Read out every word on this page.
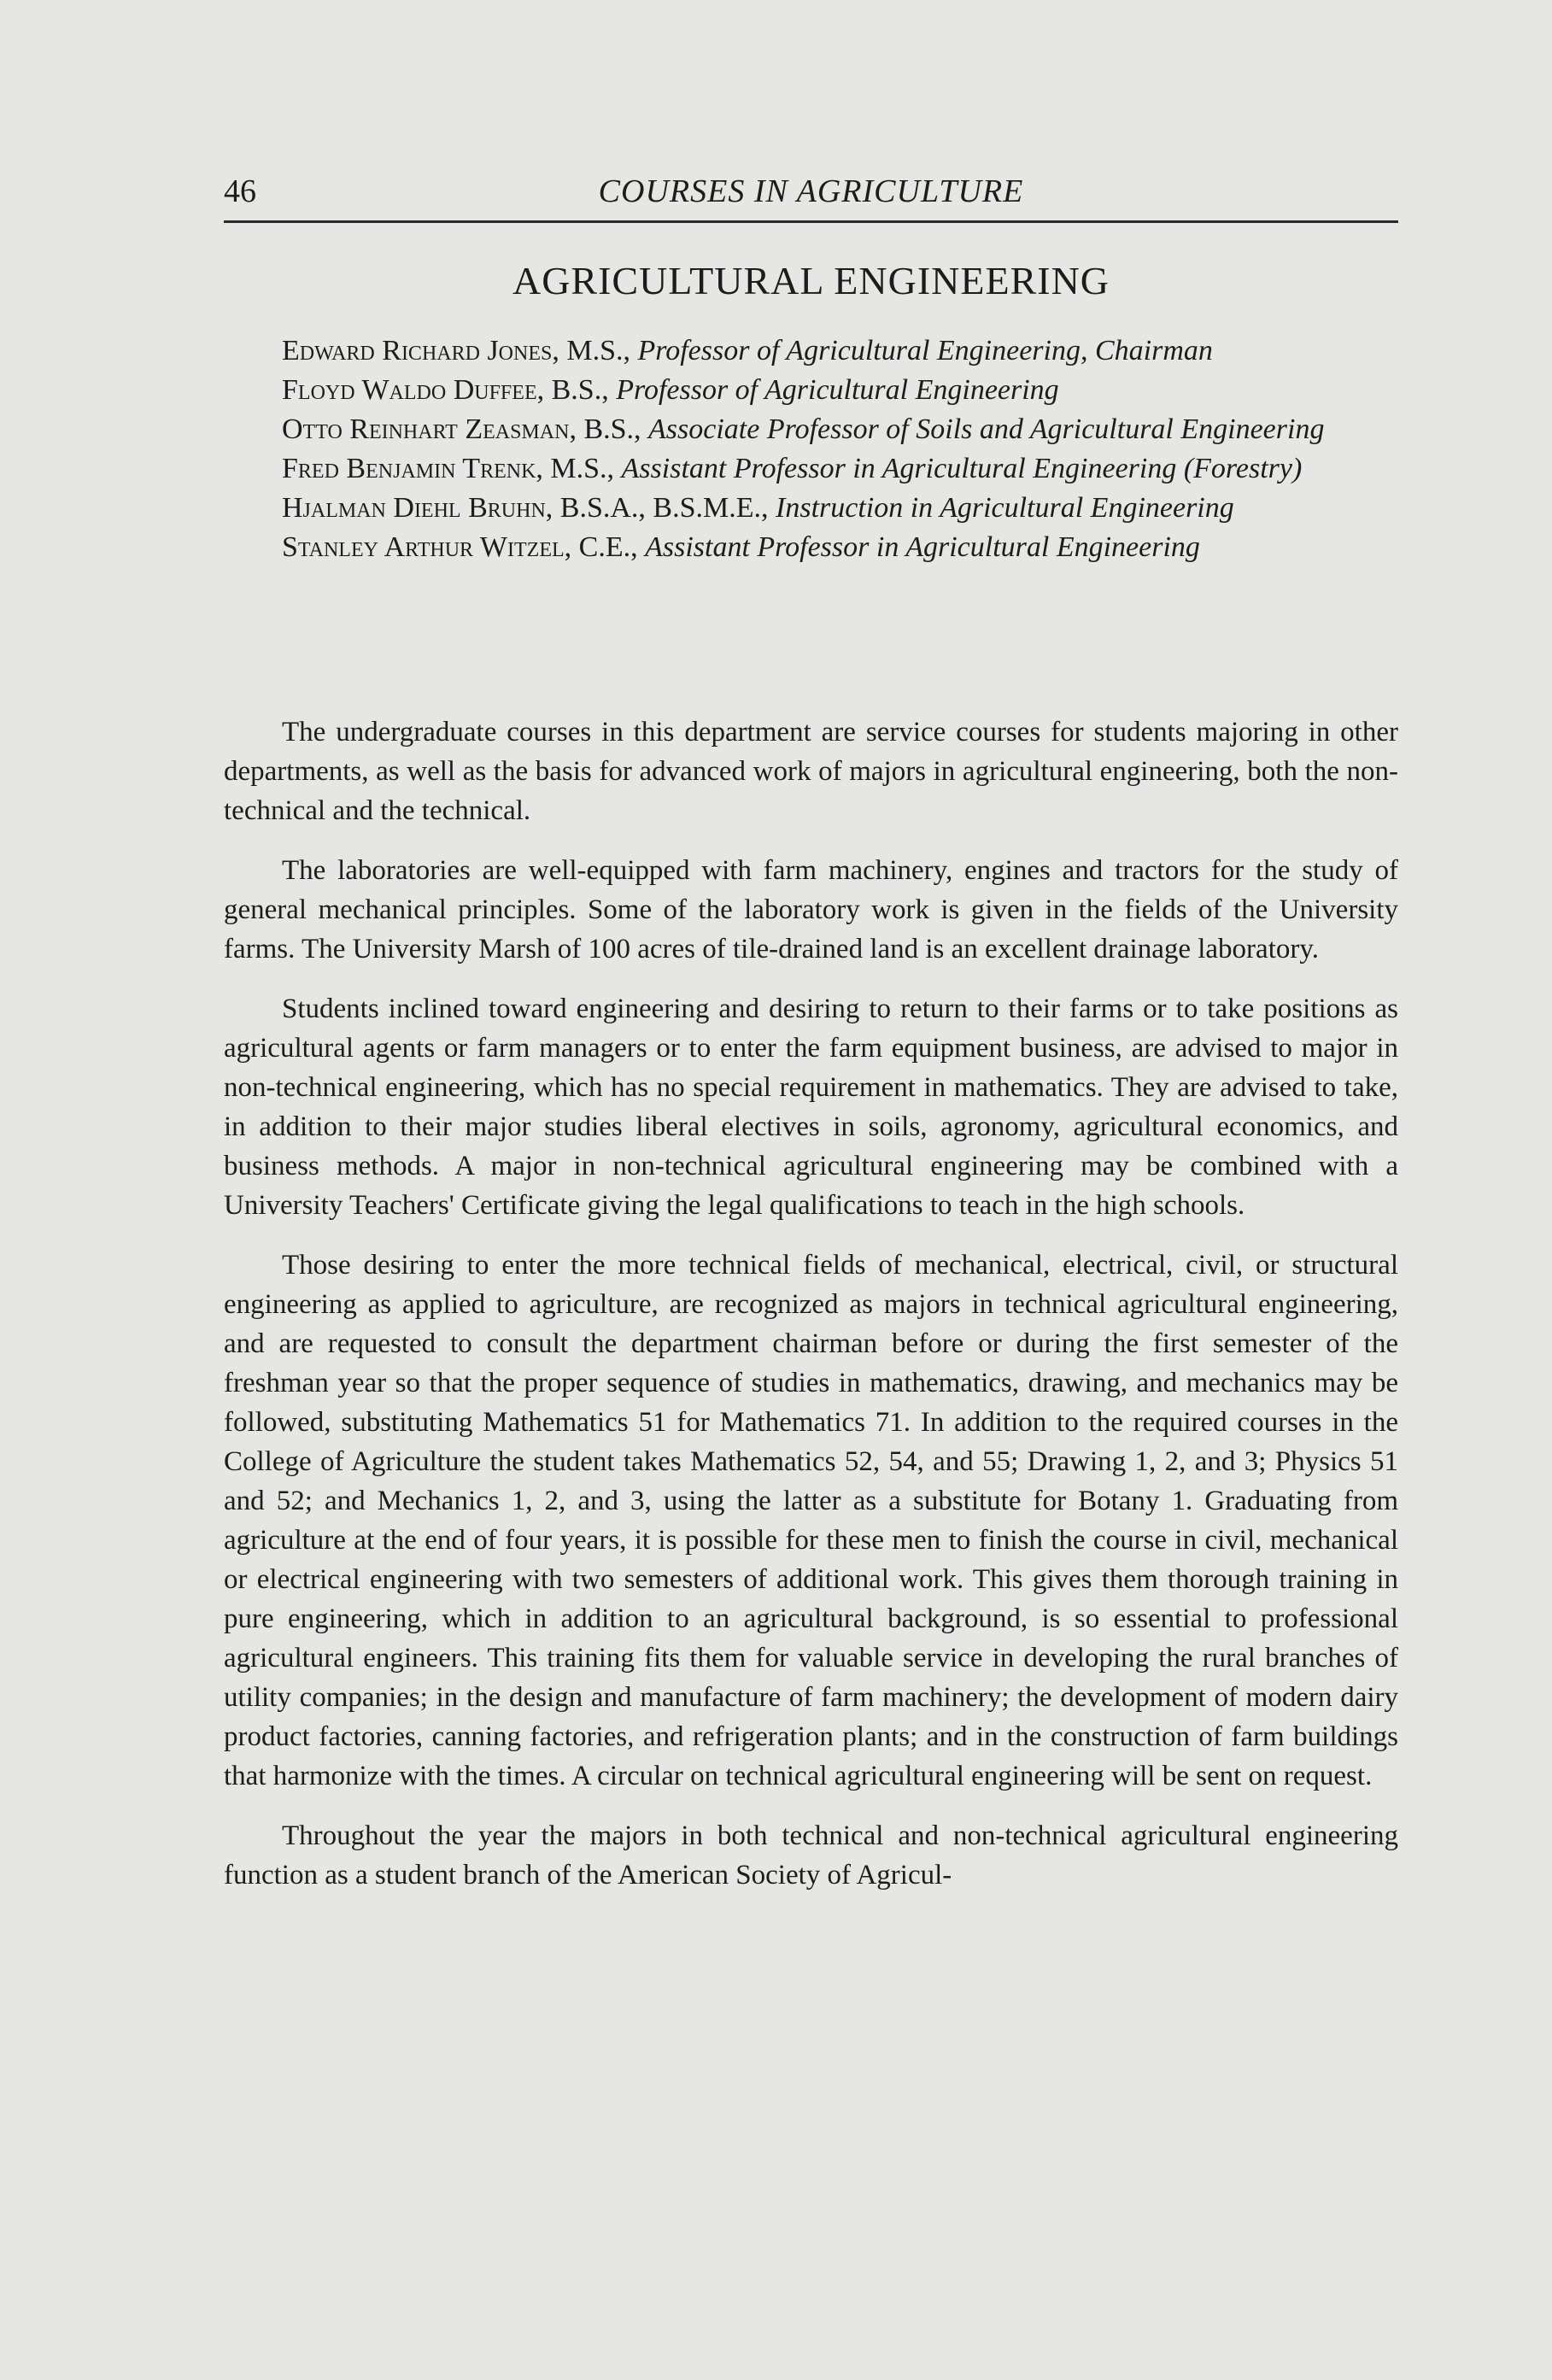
46	COURSES IN AGRICULTURE
AGRICULTURAL ENGINEERING

Edward Richard Jones, M.S., Professor of Agricultural Engineering, Chairman

Floyd Waldo Duffee, B.S., Professor of Agricultural Engineering

Otto Reinhart Zeasman, B.S., Associate Professor of Soils and Agricultural Engineering

Fred Benjamin Trenk, M.S., Assistant Professor in Agricultural Engineering (Forestry)

Hjalman Diehl Bruhn, B.S.A., B.S.M.E., Instruction in Agricultural Engineering

Stanley Arthur Witzel, C.E., Assistant Professor in Agricultural Engineering

The undergraduate courses in this department are service courses for students majoring in other departments, as well as the basis for advanced work of majors in agricultural engineering, both the non-technical and the technical.

The laboratories are well-equipped with farm machinery, engines and tractors for the study of general mechanical principles. Some of the laboratory work is given in the fields of the University farms. The University Marsh of 100 acres of tile-drained land is an excellent drainage laboratory.

Students inclined toward engineering and desiring to return to their farms or to take positions as agricultural agents or farm managers or to enter the farm equipment business, are advised to major in non-technical engineering, which has no special requirement in mathematics. They are advised to take, in addition to their major studies liberal electives in soils, agronomy, agricultural economics, and business methods. A major in non-technical agricultural engineering may be combined with a University Teachers' Certificate giving the legal qualifications to teach in the high schools.

Those desiring to enter the more technical fields of mechanical, electrical, civil, or structural engineering as applied to agriculture, are recognized as majors in technical agricultural engineering, and are requested to consult the department chairman before or during the first semester of the freshman year so that the proper sequence of studies in mathematics, drawing, and mechanics may be followed, substituting Mathematics 51 for Mathematics 71. In addition to the required courses in the College of Agriculture the student takes Mathematics 52, 54, and 55; Drawing 1, 2, and 3; Physics 51 and 52; and Mechanics 1, 2, and 3, using the latter as a substitute for Botany 1. Graduating from agriculture at the end of four years, it is possible for these men to finish the course in civil, mechanical or electrical engineering with two semesters of additional work. This gives them thorough training in pure engineering, which in addition to an agricultural background, is so essential to professional agricultural engineers. This training fits them for valuable service in developing the rural branches of utility companies; in the design and manufacture of farm machinery; the development of modern dairy product factories, canning factories, and refrigeration plants; and in the construction of farm buildings that harmonize with the times. A circular on technical agricultural engineering will be sent on request.

Throughout the year the majors in both technical and non-technical agricultural engineering function as a student branch of the American Society of Agricul-
